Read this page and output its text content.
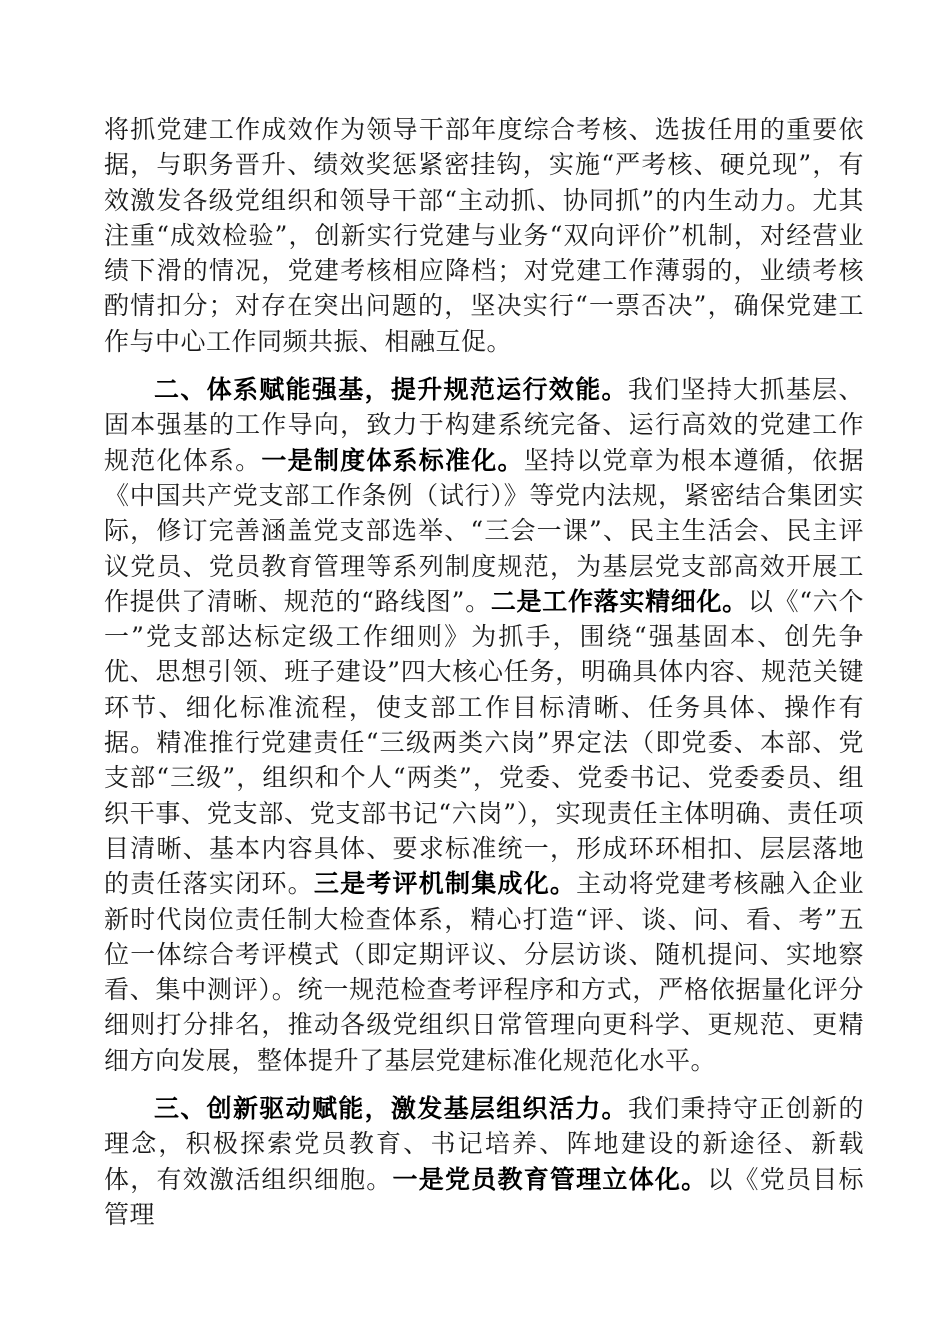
将抓党建工作成效作为领导干部年度综合考核、选拔任用的重要依据，与职务晋升、绩效奖惩紧密挂钩，实施“严考核、硬兑现”，有效激发各级党组织和领导干部“主动抓、协同抓”的内生动力。尤其注重“成效检验”，创新实行党建与业务“双向评价”机制，对经营业绩下滑的情况，党建考核相应降档；对党建工作薄弱的，业绩考核酌情扣分；对存在突出问题的，坚决实行“一票否决”，确保党建工作与中心工作同频共振、相融互促。

二、体系赋能强基，提升规范运行效能。我们坚持大抓基层、固本强基的工作导向，致力于构建系统完备、运行高效的党建工作规范化体系。一是制度体系标准化。坚持以党章为根本遵循，依据《中国共产党支部工作条例（试行）》等党内法规，紧密结合集团实际，修订完善涵盖党支部选举、“三会一课”、民主生活会、民主评议党员、党员教育管理等系列制度规范，为基层党支部高效开展工作提供了清晰、规范的“路线图”。二是工作落实精细化。以《“六个一”党支部达标定级工作细则》为抓手，围绕“强基固本、创先争优、思想引领、班子建设”四大核心任务，明确具体内容、规范关键环节、细化标准流程，使支部工作目标清晰、任务具体、操作有据。精准推行党建责任“三级两类六岗”界定法（即党委、本部、党支部“三级”，组织和个人“两类”，党委、党委书记、党委委员、组织干事、党支部、党支部书记“六岗”），实现责任主体明确、责任项目清晰、基本内容具体、要求标准统一，形成环环相扣、层层落地的责任落实闭环。三是考评机制集成化。主动将党建考核融入企业新时代岗位责任制大检查体系，精心打造“评、谈、问、看、考”五位一体综合考评模式（即定期评议、分层访谈、随机提问、实地察看、集中测评）。统一规范检查考评程序和方式，严格依据量化评分细则打分排名，推动各级党组织日常管理向更科学、更规范、更精细方向发展，整体提升了基层党建标准化规范化水平。

三、创新驱动赋能，激发基层组织活力。我们秉持守正创新的理念，积极探索党员教育、书记培养、阵地建设的新途径、新载体，有效激活组织细胞。一是党员教育管理立体化。以《党员目标管理
